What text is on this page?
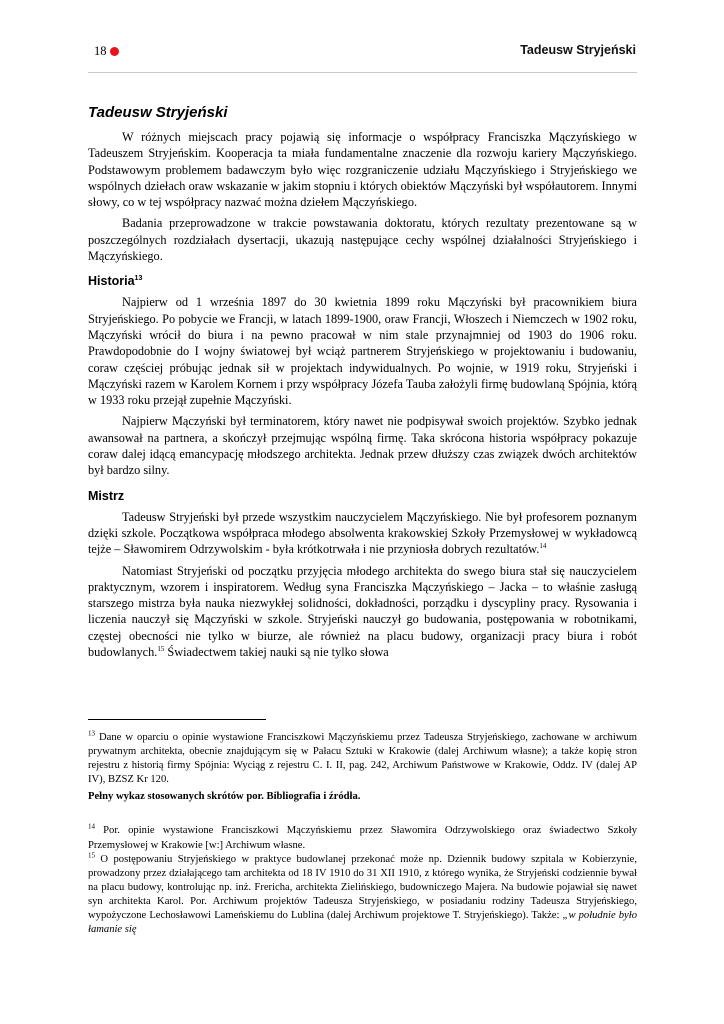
18	Tadeusw Stryjeński
Tadeusw Stryjeński

W różnych miejscach pracy pojawią się informacje o współpracy Franciszka Mączyńskiego w Tadeuszem Stryjeńskim. Kooperacja ta miała fundamentalne znaczenie dla rozwoju kariery Mączyńskiego. Podstawowym problemem badawczym było więc rozgraniczenie udziału Mączyńskiego i Stryjeńskiego we wspólnych dziełach oraw wskazanie w jakim stopniu i których obiektów Mączyński był współautorem. Innymi słowy, co w tej współpracy nazwać można dziełem Mączyńskiego.

Badania przeprowadzone w trakcie powstawania doktoratu, których rezultaty prezentowane są w poszczególnych rozdziałach dysertacji, ukazują następujące cechy wspólnej działalności Stryjeńskiego i Mączyńskiego.

Historia$^{13}$

Najpierw od 1 września 1897 do 30 kwietnia 1899 roku Mączyński był pracownikiem biura Stryjeńskiego. Po pobycie we Francji, w latach 1899-1900, oraw Francji, Włoszech i Niemczech w 1902 roku, Mączyński wrócił do biura i na pewno pracował w nim stale przynajmniej od 1903 do 1906 roku. Prawdopodobnie do I wojny światowej był wciąż partnerem Stryjeńskiego w projektowaniu i budowaniu, coraw częściej próbując jednak sił w projektach indywidualnych. Po wojnie, w 1919 roku, Stryjeński i Mączyński razem w Karolem Kornem i przy współpracy Józefa Tauba założyli firmę budowlaną Spójnia, którą w 1933 roku przejął zupełnie Mączyński.

Najpierw Mączyński był terminatorem, który nawet nie podpisywał swoich projektów. Szybko jednak awansował na partnera, a skończył przejmując wspólną firmę. Taka skrócona historia współpracy pokazuje coraw dalej idącą emancypację młodszego architekta. Jednak przew dłuższy czas związek dwóch architektów był bardzo silny.

Mistrz

Tadeusw Stryjeński był przede wszystkim nauczycielem Mączyńskiego. Nie był profesorem poznanym dzięki szkole. Początkowa współpraca młodego absolwenta krakowskiej Szkoły Przemysłowej w wykładowcą tejże – Sławomirem Odrzywolskim - była krótkotrwała i nie przyniosła dobrych rezultatów.$^{14}$

Natomiast Stryjeński od początku przyjęcia młodego architekta do swego biura stał się nauczycielem praktycznym, wzorem i inspiratorem. Według syna Franciszka Mączyńskiego – Jacka – to właśnie zasługą starszego mistrza była nauka niezwykłej solidności, dokładności, porządku i dyscypliny pracy. Rysowania i liczenia nauczył się Mączyński w szkole. Stryjeński nauczył go budowania, postępowania w robotnikami, częstej obecności nie tylko w biurze, ale również na placu budowy, organizacji pracy biura i robót budowlanych.$^{15}$ Świadectwem takiej nauki są nie tylko słowa

$^{13}$ Dane w oparciu o opinie wystawione Franciszkowi Mączyńskiemu przez Tadeusza Stryjeńskiego, zachowane w archiwum prywatnym architekta, obecnie znajdującym się w Pałacu Sztuki w Krakowie (dalej Archiwum własne); a także kopię stron rejestru z historią firmy Spójnia: Wyciąg z rejestru C. I. II, pag. 242, Archiwum Państwowe w Krakowie, Oddz. IV (dalej AP IV), BZSZ Kr 120.

Pełny wykaz stosowanych skrótów por. Bibliografia i źródła.

$^{14}$ Por. opinie wystawione Franciszkowi Mączyńskiemu przez Sławomira Odrzywolskiego oraz świadectwo Szkoły Przemysłowej w Krakowie [w:] Archiwum własne.

$^{15}$ O postępowaniu Stryjeńskiego w praktyce budowlanej przekonać może np. Dziennik budowy szpitala w Kobierzynie, prowadzony przez działającego tam architekta od 18 IV 1910 do 31 XII 1910, z którego wynika, że Stryjeński codziennie bywał na placu budowy, kontrolując np. inż. Frericha, architekta Zielińskiego, budowniczego Majera. Na budowie pojawiał się nawet syn architekta Karol. Por. Archiwum projektów Tadeusza Stryjeńskiego, w posiadaniu rodziny Tadeusza Stryjeńskiego, wypożyczone Lechosławowi Lameńskiemu do Lublina (dalej Archiwum projektowe T. Stryjeńskiego). Także: „w południe było łamanie się
